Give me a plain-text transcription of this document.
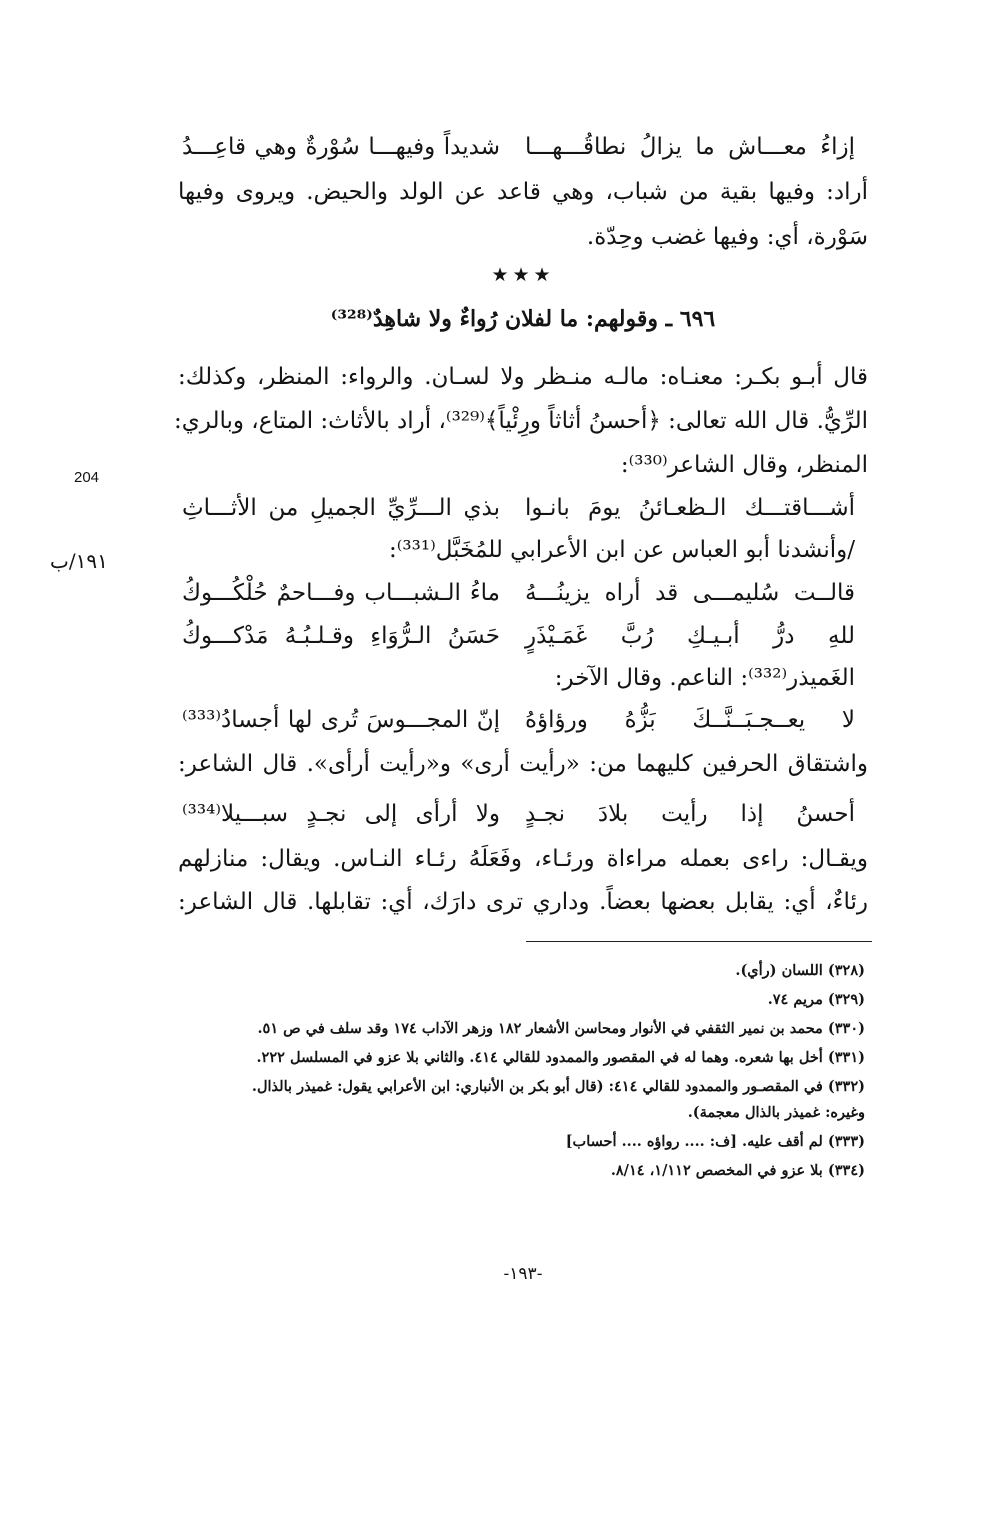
إزاءُ معـــاش ما يزالُ نطاقُـــهـــا
شديداً وفيهـــا سُوْرةٌ وهي قاعِـــدُ
أراد: وفيها بقية من شباب، وهي قاعد عن الولد والحيض. ويروى وفيها
سَوْرة، أي: وفيها غضب وحِدّة.
★★★
٦٩٦ ـ وقولهم: ما لفلان رُواءٌ ولا شاهِدٌ⁽³²⁸⁾
قال أبـو بكـر: معنـاه: مالـه منـظر ولا لسـان. والرواء: المنظر، وكذلك:
الرِّيُّ. قال الله تعالى: ﴿أحسنُ أثاثاً ورِئْياً﴾⁽³²⁹⁾، أراد بالأثاث: المتاع، وبالري:
المنظر، وقال الشاعر⁽³³⁰⁾:
أشـــاقتـــك الـظعـائنُ يومَ بانـوا
بذي الـــرِّيِّ الجميلِ من الأثـــاثِ
/وأنشدنا أبو العباس عن ابن الأعرابي للمُخَبَّل⁽³³¹⁾:
قالــت سُليمـــى قد أراه يزينُـــهُ
ماءُ الـشبـــاب وفـــاحمٌ حُلْكُـــوكُ
للهِ درُّ أبـيـكِ رُبَّ غَمَـيْذَرٍ
حَسَنُ الـرُّوَاءِ وقـلـبُـهُ مَدْكـــوكُ
الغَميذر⁽³³²⁾: الناعم. وقال الآخر:
لا يعــجـبَــنَّــكَ بَزُّهُ ورؤاؤهُ
إنّ المجـــوسَ تُرى لها أجسادُ⁽³³³⁾
واشتقاق الحرفين كليهما من: «رأيت أرى» و«رأيت أرأى». قال الشاعر:
أحسنُ إذا رأيت بلادَ نجـدٍ
ولا أرأى إلى نجـدٍ سبـــيلا⁽³³⁴⁾
ويقـال: راءى بعمله مراءاة ورئـاء، وفَعَلَهُ رئـاء النـاس. ويقال: منازلهم
رئاءٌ، أي: يقابل بعضها بعضاً. وداري ترى دارَك، أي: تقابلها. قال الشاعر:
(٣٢٨) اللسان (رأي).
(٣٢٩) مريم ٧٤.
(٣٣٠) محمد بن نمير الثقفي في الأنوار ومحاسن الأشعار ١٨٢ وزهر الآداب ١٧٤ وقد سلف في ص ٥١.
(٣٣١) أخل بها شعره. وهما له في المقصور والممدود للقالي ٤١٤. والثاني بلا عزو في المسلسل ٢٢٢.
(٣٣٢) في المقصـور والممدود للقالي ٤١٤: (قال أبو بكر بن الأنباري: ابن الأعرابي يقول: غميذر بالذال.
وغيره: غميذر بالذال معجمة).
(٣٣٣) لم أقف عليه. [ف: .... رواؤه .... أحساب]
(٣٣٤) بلا عزو في المخصص ١/١١٢، ٨/١٤.
204
١٩١/ب
-١٩٣-
